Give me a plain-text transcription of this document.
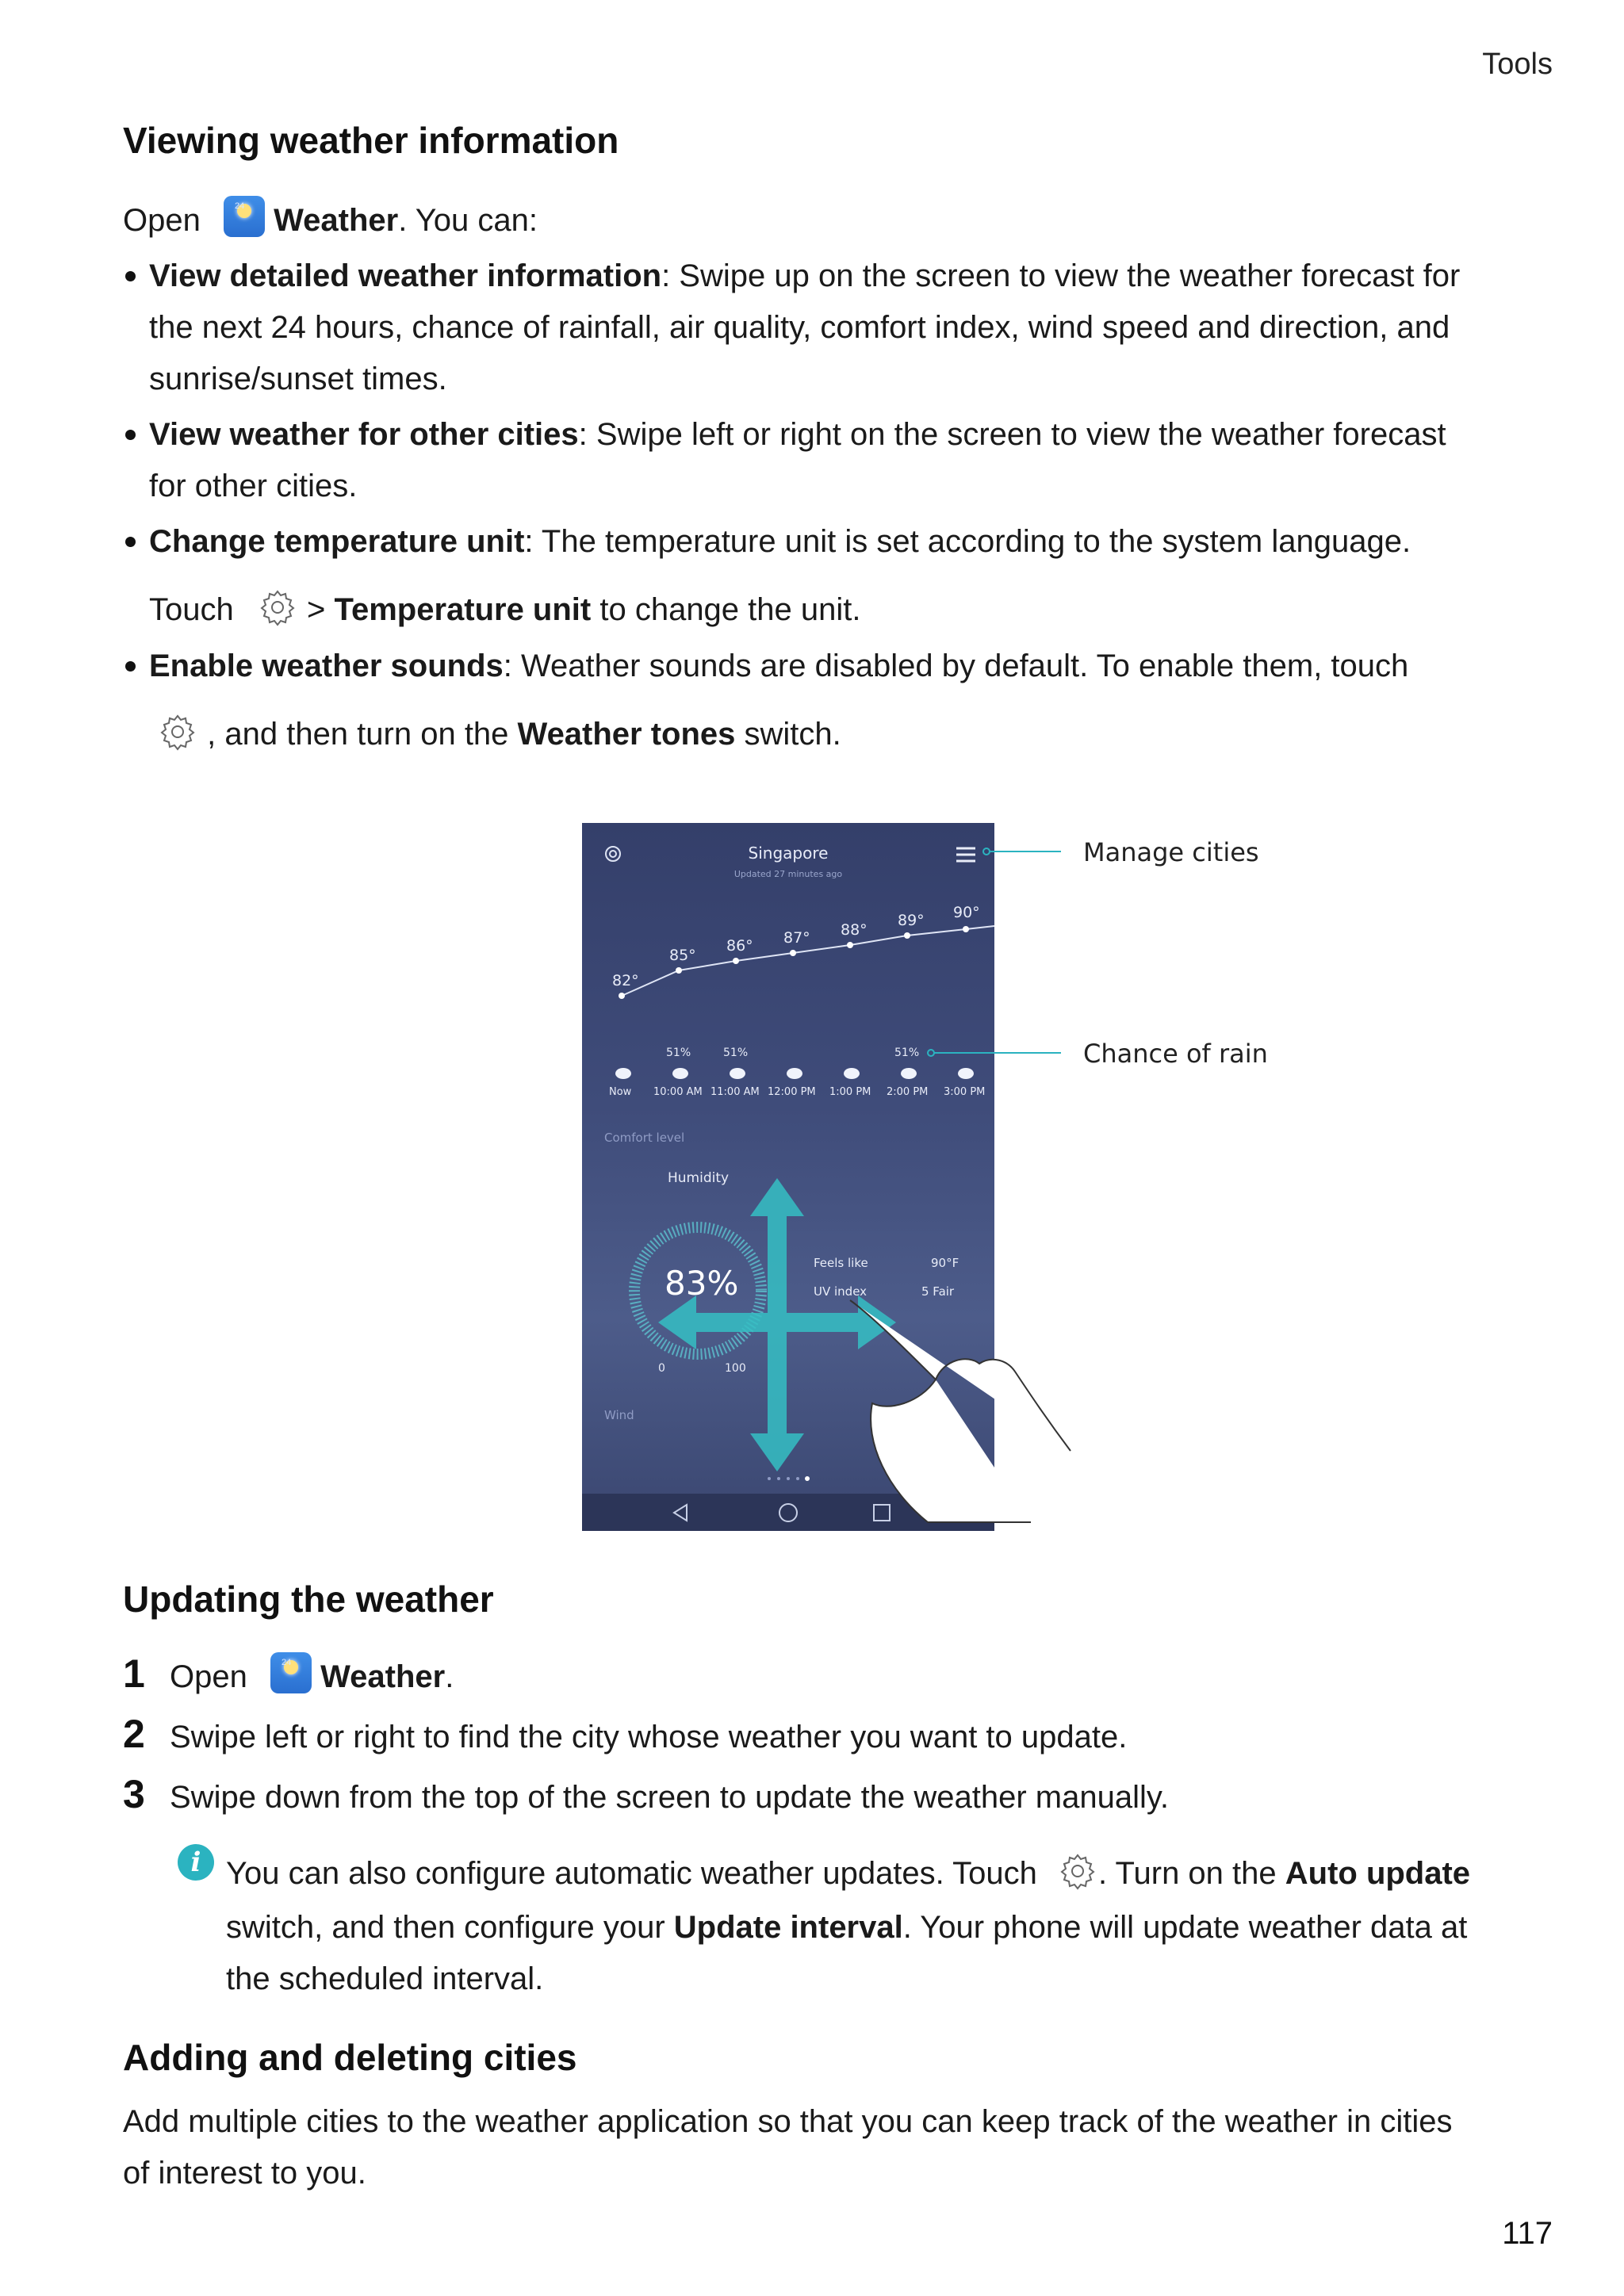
Tools
Viewing weather information
Open	24 Weather. You can:
View detailed weather information: Swipe up on the screen to view the weather forecast for
the next 24 hours, chance of rainfall, air quality, comfort index, wind speed and direction, and
sunrise/sunset times.
View weather for other cities: Swipe left or right on the screen to view the weather forecast
for other cities.
Change temperature unit: The temperature unit is set according to the system language.
Touch  > Temperature unit to change the unit.
Enable weather sounds: Weather sounds are disabled by default. To enable them, touch
, and then turn on the Weather tones switch.
Singapore
Updated 27 minutes ago
82°
85°
86° 87° 88°
89° 90°
51%	51%	51%
Now 10:00 AM 11:00 AM 12:00 PM 1:00 PM 2:00 PM 3:00 PM
Comfort level
Humidity
83%
0	100
Feels like	90°F
UV index	5 Fair
Wind
Manage cities
Chance of rain
Updating the weather
1 Open	24 Weather.
2 Swipe left or right to find the city whose weather you want to update.
3 Swipe down from the top of the screen to update the weather manually.
i You can also configure automatic weather updates. Touch . Turn on the Auto update
switch, and then configure your Update interval. Your phone will update weather data at
the scheduled interval.
Adding and deleting cities
Add multiple cities to the weather application so that you can keep track of the weather in cities
of interest to you.
117
